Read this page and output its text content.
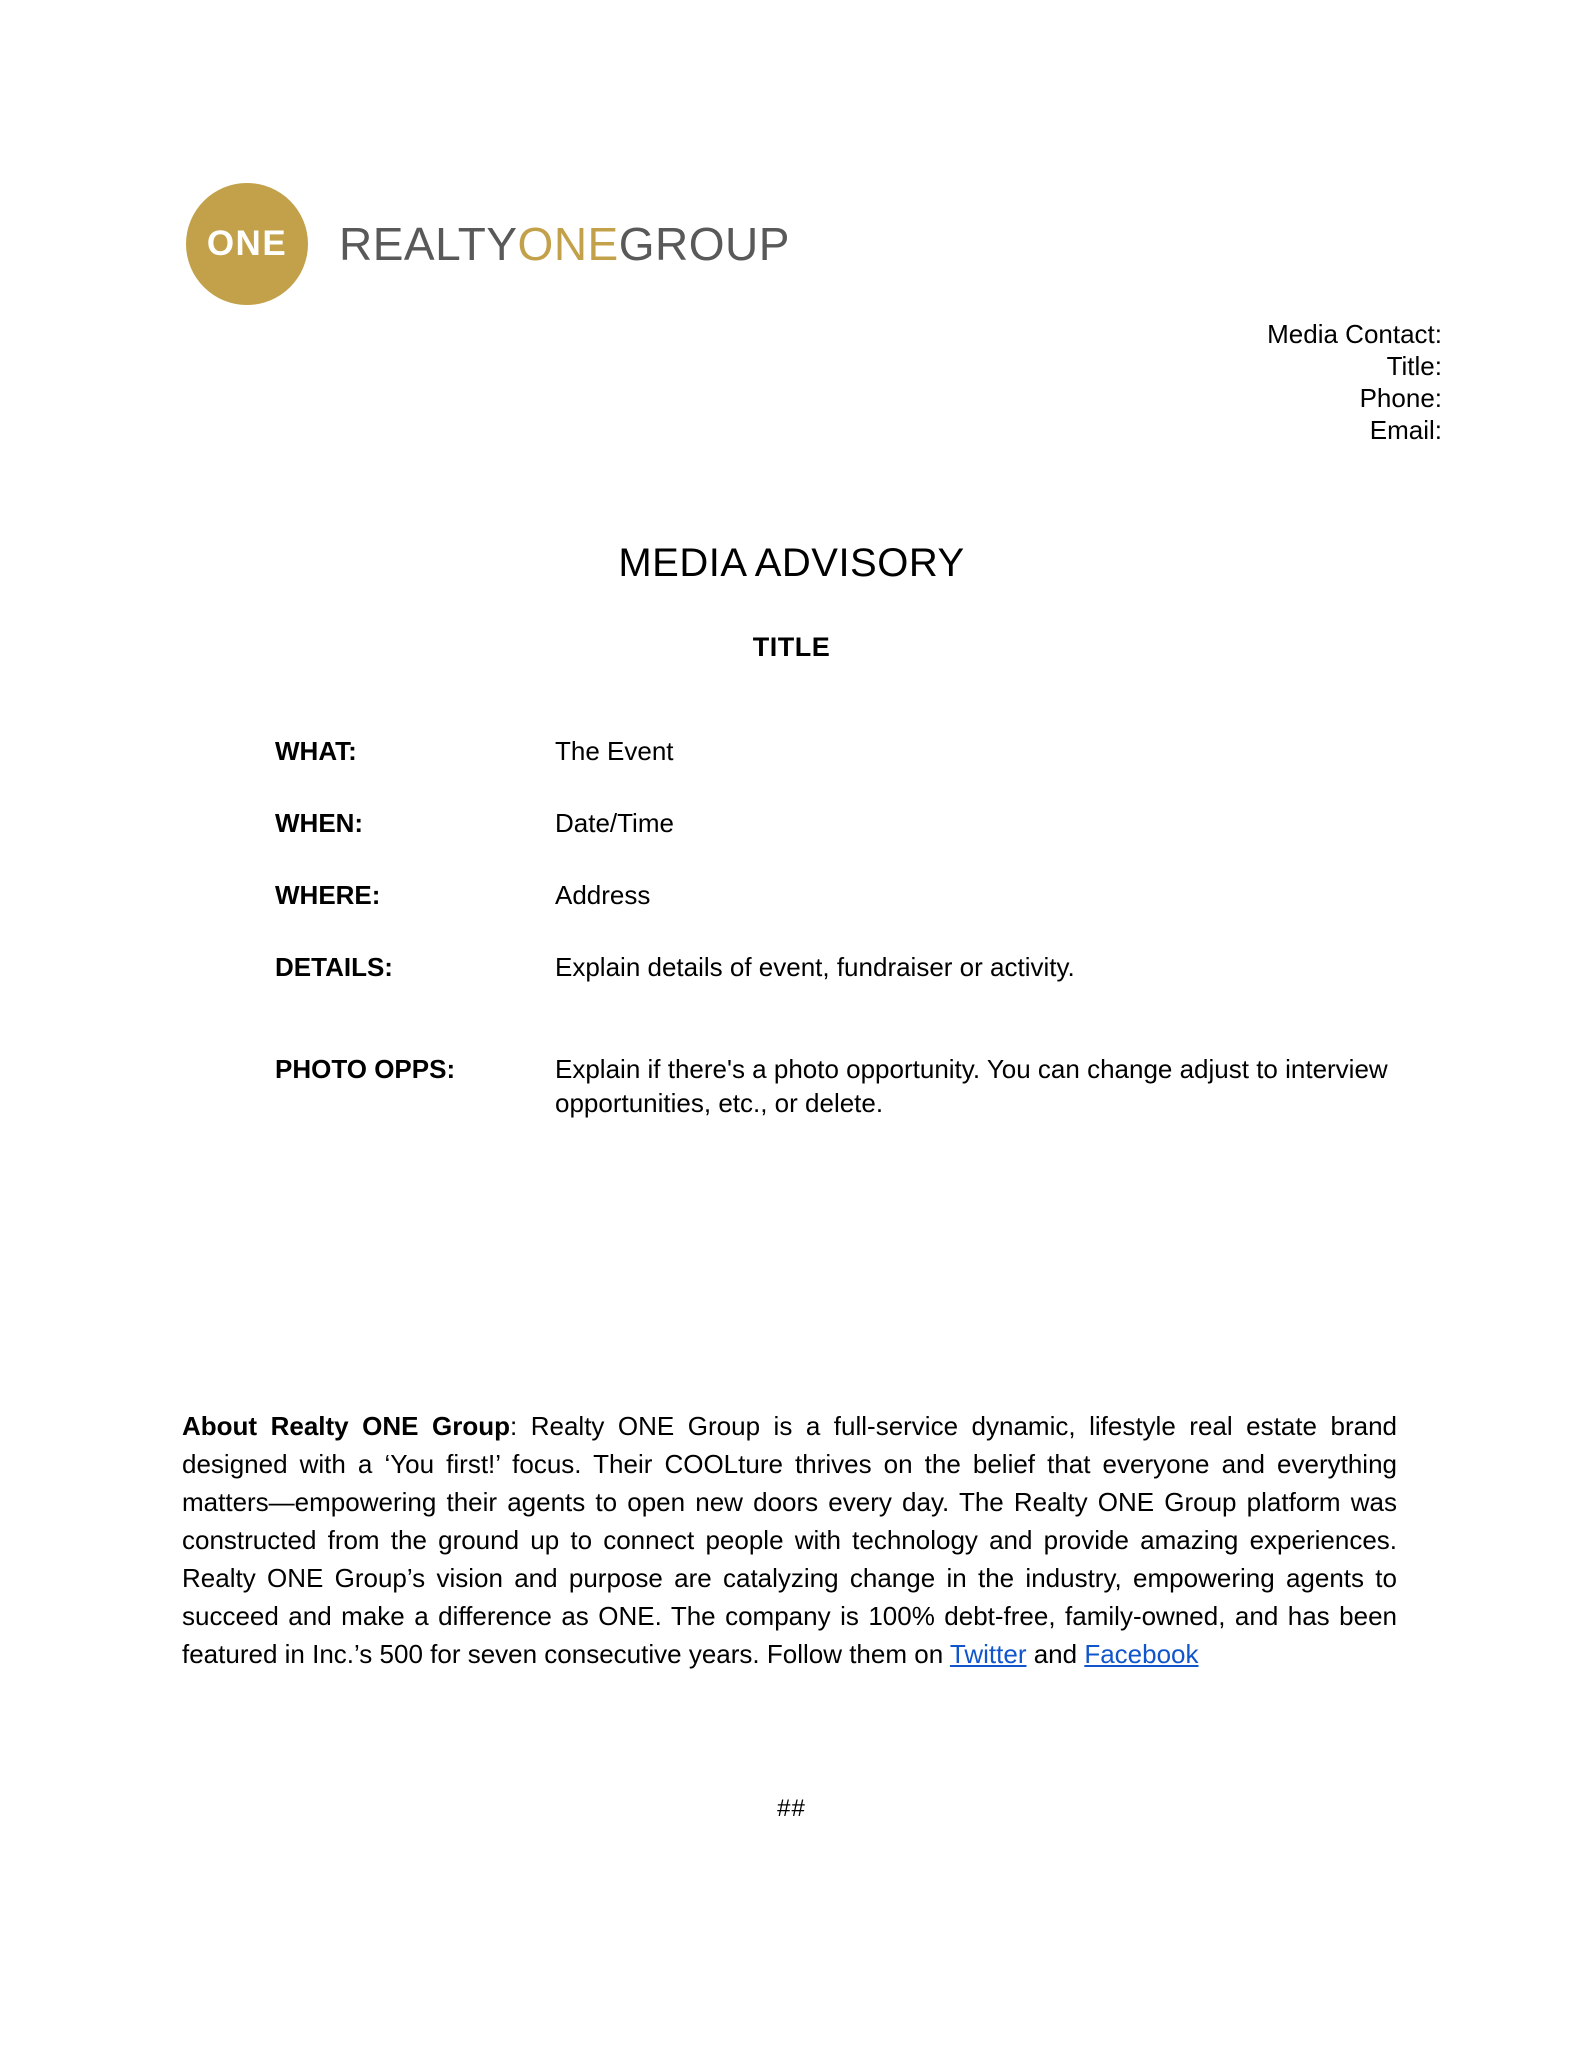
ONE REALTYONEGROUP
Media Contact:
Title:
Phone:
Email:
MEDIA ADVISORY
TITLE
WHAT:	The Event
WHEN:	Date/Time
WHERE:	Address
DETAILS:	Explain details of event, fundraiser or activity.
PHOTO OPPS:	Explain if there's a photo opportunity. You can change adjust to interview opportunities, etc., or delete.
About Realty ONE Group: Realty ONE Group is a full-service dynamic, lifestyle real estate brand designed with a ‘You first!’ focus. Their COOLture thrives on the belief that everyone and everything matters—empowering their agents to open new doors every day. The Realty ONE Group platform was constructed from the ground up to connect people with technology and provide amazing experiences. Realty ONE Group’s vision and purpose are catalyzing change in the industry, empowering agents to succeed and make a difference as ONE. The company is 100% debt-free, family-owned, and has been featured in Inc.’s 500 for seven consecutive years. Follow them on Twitter and Facebook
##
